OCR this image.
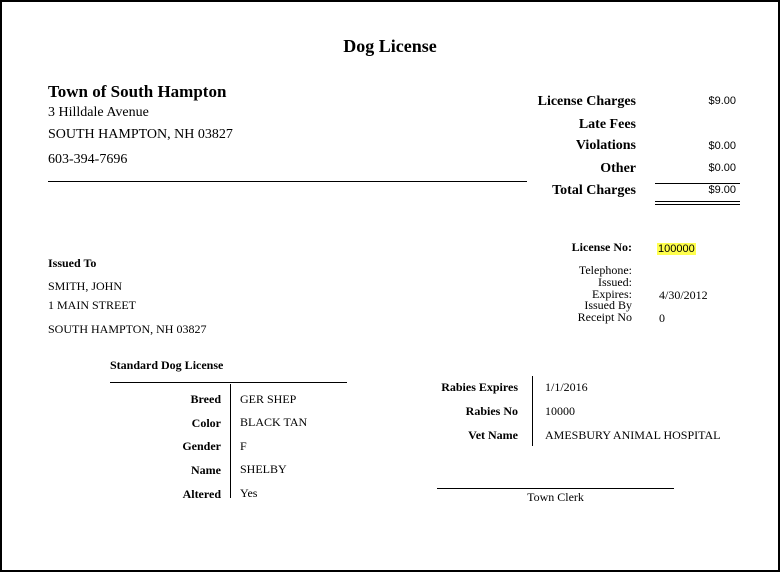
Dog License
Town of South Hampton
3 Hilldale Avenue
SOUTH HAMPTON, NH 03827
603-394-7696
License Charges	$9.00
Late Fees
Violations	$0.00
Other	$0.00
Total Charges	$9.00
Issued To
SMITH, JOHN
1 MAIN STREET
SOUTH HAMPTON, NH 03827
License No: 100000
Telephone:
Issued:
Expires: 4/30/2012
Issued By
Receipt No 0
Standard Dog License
Breed GER SHEP
Color BLACK TAN
Gender F
Name SHELBY
Altered Yes
Rabies Expires 1/1/2016
Rabies No 10000
Vet Name AMESBURY ANIMAL HOSPITAL
Town Clerk
